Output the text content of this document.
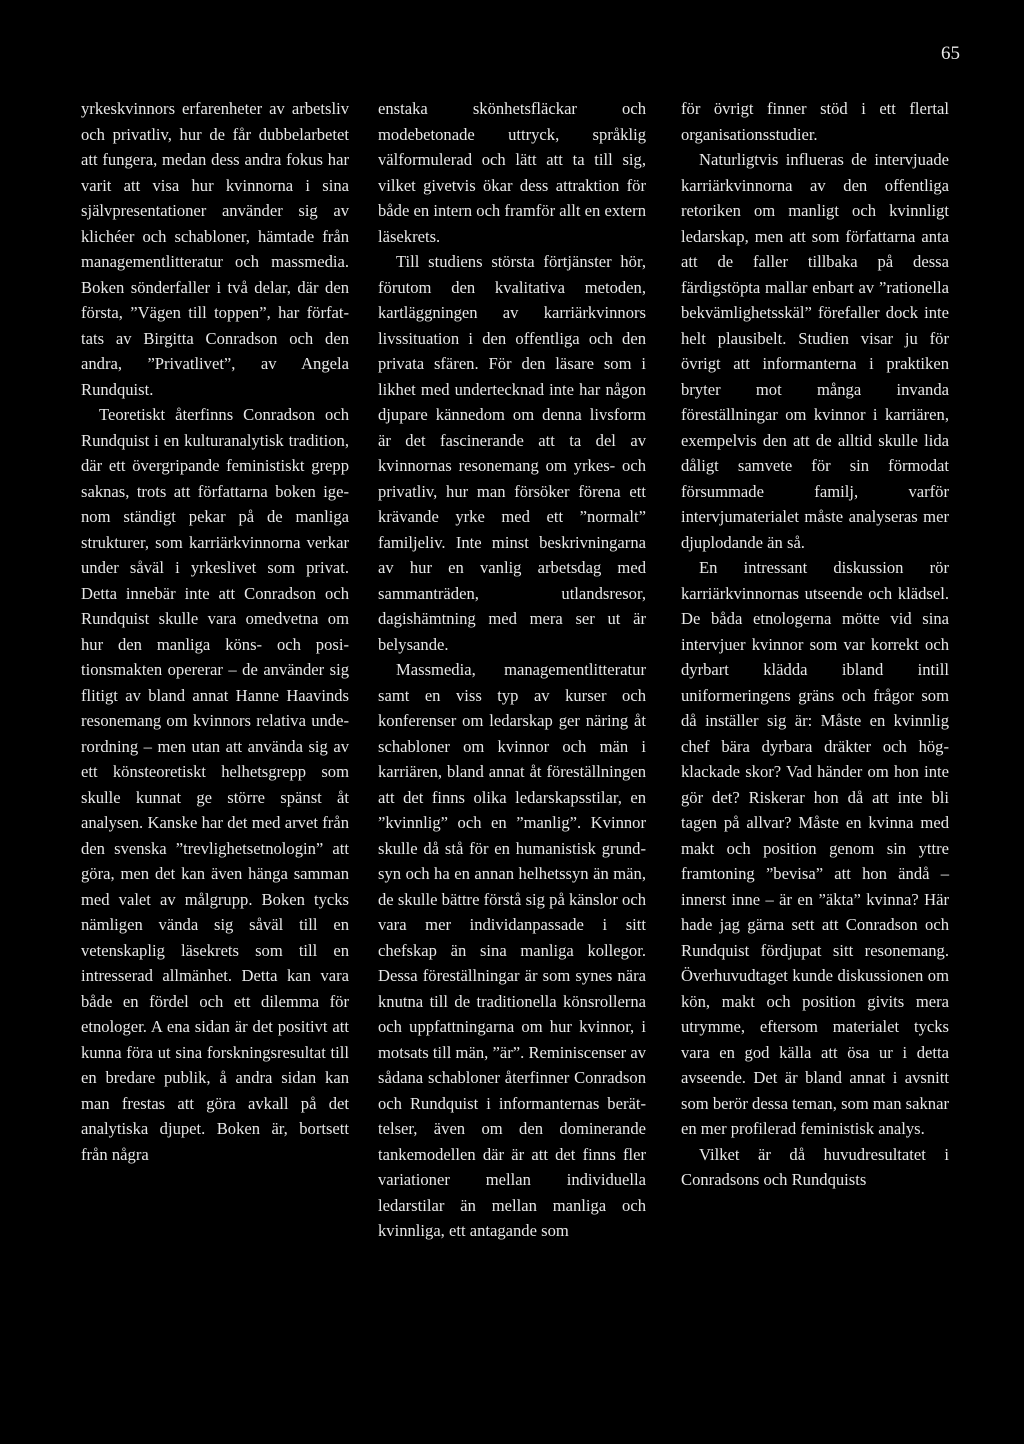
65

yrkeskvinnors erfarenheter av arbetsliv och privatliv, hur de får dubbelarbetet att fungera, medan dess andra fokus har varit att visa hur kvinnorna i sina självpresentationer använder sig av klichéer och schabloner, hämtade från managementlitteratur och massmedia. Boken sönderfaller i två delar, där den första, ”Vägen till toppen”, har författats av Birgitta Conradson och den andra, ”Privatlivet”, av Angela Rundquist.

Teoretiskt återfinns Conradson och Rundquist i en kulturanalytisk tradition, där ett övergripande feministiskt grepp saknas, trots att författarna boken igenom ständigt pekar på de manliga strukturer, som karriärkvinnorna verkar under såväl i yrkeslivet som privat. Detta innebär inte att Conradson och Rundquist skulle vara omedvetna om hur den manliga köns- och positionsmakten opererar – de använder sig flitigt av bland annat Hanne Haavinds resonemang om kvinnors relativa underordning – men utan att använda sig av ett könsteoretiskt helhetsgrepp som skulle kunnat ge större spänst åt analysen. Kanske har det med arvet från den svenska ”trevlighetsetnologin” att göra, men det kan även hänga samman med valet av målgrupp. Boken tycks nämligen vända sig såväl till en vetenskaplig läsekrets som till en intresserad allmänhet. Detta kan vara både en fördel och ett dilemma för etnologer. A ena sidan är det positivt att kunna föra ut sina forskningsresultat till en bredare publik, å andra sidan kan man frestas att göra avkall på det analytiska djupet. Boken är, bortsett från några

enstaka skönhetsfläckar och modebetonade uttryck, språklig välformulerad och lätt att ta till sig, vilket givetvis ökar dess attraktion för både en intern och framför allt en extern läsekrets.

Till studiens största förtjänster hör, förutom den kvalitativa metoden, kartläggningen av karriärkvinnors livssituation i den offentliga och den privata sfären. För den läsare som i likhet med undertecknad inte har någon djupare kännedom om denna livsform är det fascinerande att ta del av kvinnornas resonemang om yrkes- och privatliv, hur man försöker förena ett krävande yrke med ett ”normalt” familjeliv. Inte minst beskrivningarna av hur en vanlig arbetsdag med sammanträden, utlandsresor, dagishämtning med mera ser ut är belysande.

Massmedia, managementlitteratur samt en viss typ av kurser och konferenser om ledarskap ger näring åt schabloner om kvinnor och män i karriären, bland annat åt föreställningen att det finns olika ledarskapsstilar, en ”kvinnlig” och en ”manlig”. Kvinnor skulle då stå för en humanistisk grundsyn och ha en annan helhetssyn än män, de skulle bättre förstå sig på känslor och vara mer individanpassade i sitt chefskap än sina manliga kollegor. Dessa föreställningar är som synes nära knutna till de traditionella könsrollerna och uppfattningarna om hur kvinnor, i motsats till män, ”är”. Reminiscenser av sådana schabloner återfinner Conradson och Rundquist i informanternas berättelser, även om den dominerande tankemodellen där är att det finns fler variationer mellan individuella ledarstilar än mellan manliga och kvinnliga, ett antagande som

för övrigt finner stöd i ett flertal organisationsstudier.

Naturligtvis influeras de intervjuade karriärkvinnorna av den offentliga retoriken om manligt och kvinnligt ledarskap, men att som författarna anta att de faller tillbaka på dessa färdigstöpta mallar enbart av ”rationella bekvämlighetsskäl” förefaller dock inte helt plausibelt. Studien visar ju för övrigt att informanterna i praktiken bryter mot många invanda föreställningar om kvinnor i karriären, exempelvis den att de alltid skulle lida dåligt samvete för sin förmodat försummade familj, varför intervjumaterialet måste analyseras mer djuplodande än så.

En intressant diskussion rör karriärkvinnornas utseende och klädsel. De båda etnologerna mötte vid sina intervjuer kvinnor som var korrekt och dyrbart klädda ibland intill uniformeringens gräns och frågor som då inställer sig är: Måste en kvinnlig chef bära dyrbara dräkter och högklackade skor? Vad händer om hon inte gör det? Riskerar hon då att inte bli tagen på allvar? Måste en kvinna med makt och position genom sin yttre framtoning ”bevisa” att hon ändå – innerst inne – är en ”äkta” kvinna? Här hade jag gärna sett att Conradson och Rundquist fördjupat sitt resonemang. Överhuvudtaget kunde diskussionen om kön, makt och position givits mera utrymme, eftersom materialet tycks vara en god källa att ösa ur i detta avseende. Det är bland annat i avsnitt som berör dessa teman, som man saknar en mer profilerad feministisk analys.

Vilket är då huvudresultatet i Conradsons och Rundquists
